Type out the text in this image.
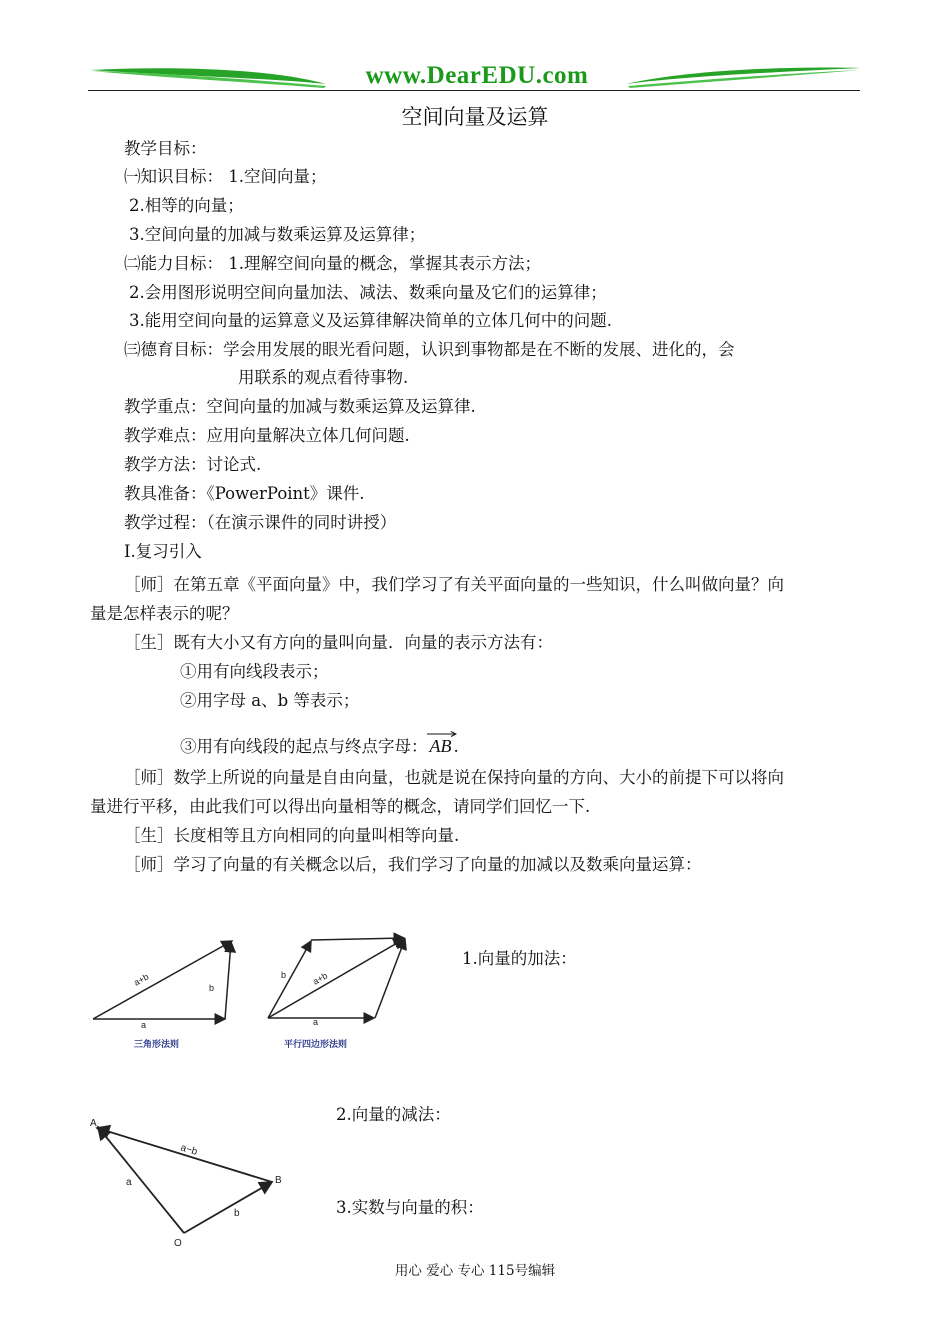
www.DearEDU.com
空间向量及运算
教学目标：
㈠知识目标： 1.空间向量；
2.相等的向量；
3.空间向量的加减与数乘运算及运算律；
㈡能力目标： 1.理解空间向量的概念，掌握其表示方法；
2.会用图形说明空间向量加法、减法、数乘向量及它们的运算律；
3.能用空间向量的运算意义及运算律解决简单的立体几何中的问题.
㈢德育目标：学会用发展的眼光看问题，认识到事物都是在不断的发展、进化的，会
用联系的观点看待事物.
教学重点：空间向量的加减与数乘运算及运算律.
教学难点：应用向量解决立体几何问题.
教学方法：讨论式.
教具准备：《PowerPoint》课件.
教学过程：（在演示课件的同时讲授）
Ⅰ.复习引入
［师］在第五章《平面向量》中，我们学习了有关平面向量的一些知识，什么叫做向量？向
量是怎样表示的呢？
［生］既有大小又有方向的量叫向量．向量的表示方法有：
①用有向线段表示；
②用字母 a、b 等表示；
③用有向线段的起点与终点字母： AB .
［师］数学上所说的向量是自由向量，也就是说在保持向量的方向、大小的前提下可以将向
量进行平移，由此我们可以得出向量相等的概念，请同学们回忆一下.
［生］长度相等且方向相同的向量叫相等向量.
［师］学习了向量的有关概念以后，我们学习了向量的加减以及数乘向量运算：
a
b
a+b
三角形法则
a
b	a+b
平行四边形法则
1.向量的加法：
A
B
O
a
b
a−b
2.向量的减法：
3.实数与向量的积：
用心 爱心 专心 115号编辑
